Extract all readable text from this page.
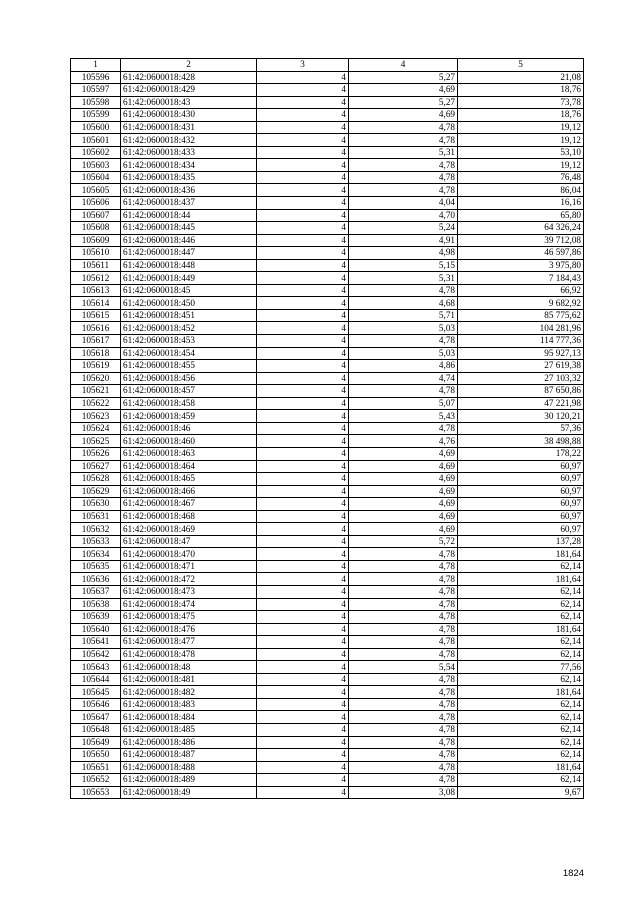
1	2	3	4	5
105596	61:42:0600018:428	4	5,27	21,08
105597	61:42:0600018:429	4	4,69	18,76
105598	61:42:0600018:43	4	5,27	73,78
105599	61:42:0600018:430	4	4,69	18,76
105600	61:42:0600018:431	4	4,78	19,12
105601	61:42:0600018:432	4	4,78	19,12
105602	61:42:0600018:433	4	5,31	53,10
105603	61:42:0600018:434	4	4,78	19,12
105604	61:42:0600018:435	4	4,78	76,48
105605	61:42:0600018:436	4	4,78	86,04
105606	61:42:0600018:437	4	4,04	16,16
105607	61:42:0600018:44	4	4,70	65,80
105608	61:42:0600018:445	4	5,24	64 326,24
105609	61:42:0600018:446	4	4,91	39 712,08
105610	61:42:0600018:447	4	4,98	46 597,86
105611	61:42:0600018:448	4	5,15	3 975,80
105612	61:42:0600018:449	4	5,31	7 184,43
105613	61:42:0600018:45	4	4,78	66,92
105614	61:42:0600018:450	4	4,68	9 682,92
105615	61:42:0600018:451	4	5,71	85 775,62
105616	61:42:0600018:452	4	5,03	104 281,96
105617	61:42:0600018:453	4	4,78	114 777,36
105618	61:42:0600018:454	4	5,03	95 927,13
105619	61:42:0600018:455	4	4,86	27 619,38
105620	61:42:0600018:456	4	4,74	27 103,32
105621	61:42:0600018:457	4	4,78	87 650,86
105622	61:42:0600018:458	4	5,07	47 221,98
105623	61:42:0600018:459	4	5,43	30 120,21
105624	61:42:0600018:46	4	4,78	57,36
105625	61:42:0600018:460	4	4,76	38 498,88
105626	61:42:0600018:463	4	4,69	178,22
105627	61:42:0600018:464	4	4,69	60,97
105628	61:42:0600018:465	4	4,69	60,97
105629	61:42:0600018:466	4	4,69	60,97
105630	61:42:0600018:467	4	4,69	60,97
105631	61:42:0600018:468	4	4,69	60,97
105632	61:42:0600018:469	4	4,69	60,97
105633	61:42:0600018:47	4	5,72	137,28
105634	61:42:0600018:470	4	4,78	181,64
105635	61:42:0600018:471	4	4,78	62,14
105636	61:42:0600018:472	4	4,78	181,64
105637	61:42:0600018:473	4	4,78	62,14
105638	61:42:0600018:474	4	4,78	62,14
105639	61:42:0600018:475	4	4,78	62,14
105640	61:42:0600018:476	4	4,78	181,64
105641	61:42:0600018:477	4	4,78	62,14
105642	61:42:0600018:478	4	4,78	62,14
105643	61:42:0600018:48	4	5,54	77,56
105644	61:42:0600018:481	4	4,78	62,14
105645	61:42:0600018:482	4	4,78	181,64
105646	61:42:0600018:483	4	4,78	62,14
105647	61:42:0600018:484	4	4,78	62,14
105648	61:42:0600018:485	4	4,78	62,14
105649	61:42:0600018:486	4	4,78	62,14
105650	61:42:0600018:487	4	4,78	62,14
105651	61:42:0600018:488	4	4,78	181,64
105652	61:42:0600018:489	4	4,78	62,14
105653	61:42:0600018:49	4	3,08	9,67
1824
